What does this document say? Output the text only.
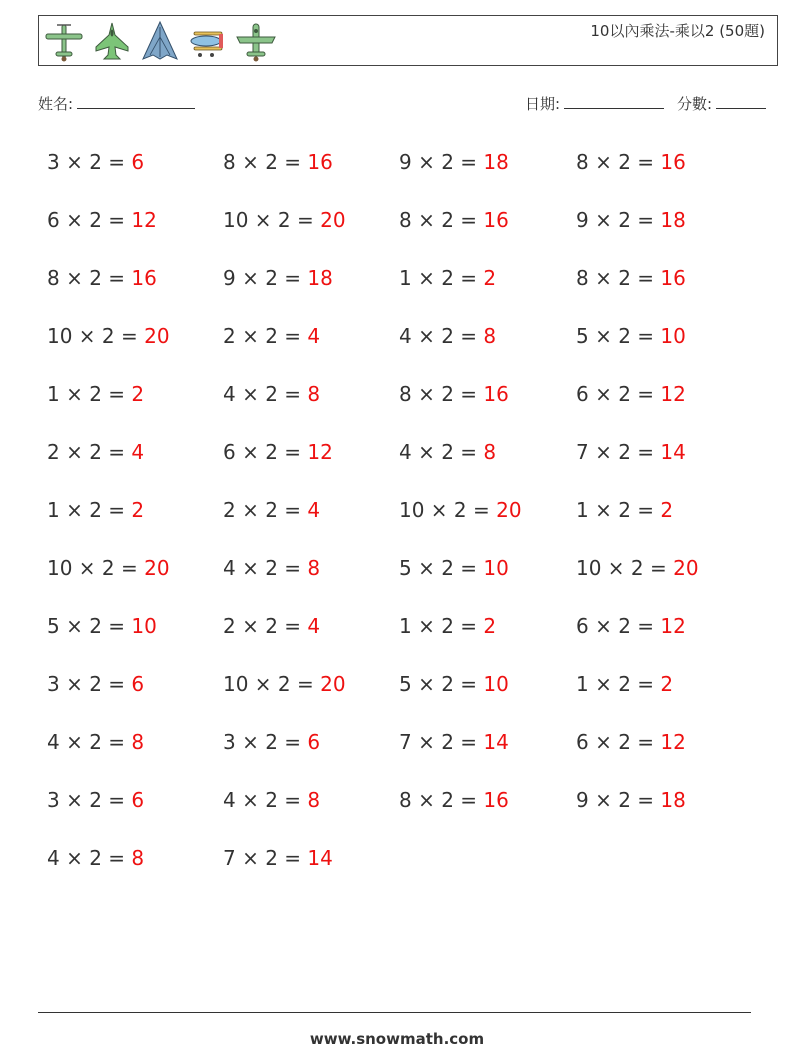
10以內乘法-乘以2 (50題)
姓名:	日期:	分數:
3 × 2 = 6	8 × 2 = 16	9 × 2 = 18	8 × 2 = 16
6 × 2 = 12	10 × 2 = 20	8 × 2 = 16	9 × 2 = 18
8 × 2 = 16	9 × 2 = 18	1 × 2 = 2	8 × 2 = 16
10 × 2 = 20	2 × 2 = 4	4 × 2 = 8	5 × 2 = 10
1 × 2 = 2	4 × 2 = 8	8 × 2 = 16	6 × 2 = 12
2 × 2 = 4	6 × 2 = 12	4 × 2 = 8	7 × 2 = 14
1 × 2 = 2	2 × 2 = 4	10 × 2 = 20	1 × 2 = 2
10 × 2 = 20	4 × 2 = 8	5 × 2 = 10	10 × 2 = 20
5 × 2 = 10	2 × 2 = 4	1 × 2 = 2	6 × 2 = 12
3 × 2 = 6	10 × 2 = 20	5 × 2 = 10	1 × 2 = 2
4 × 2 = 8	3 × 2 = 6	7 × 2 = 14	6 × 2 = 12
3 × 2 = 6	4 × 2 = 8	8 × 2 = 16	9 × 2 = 18
4 × 2 = 8	7 × 2 = 14
www.snowmath.com
